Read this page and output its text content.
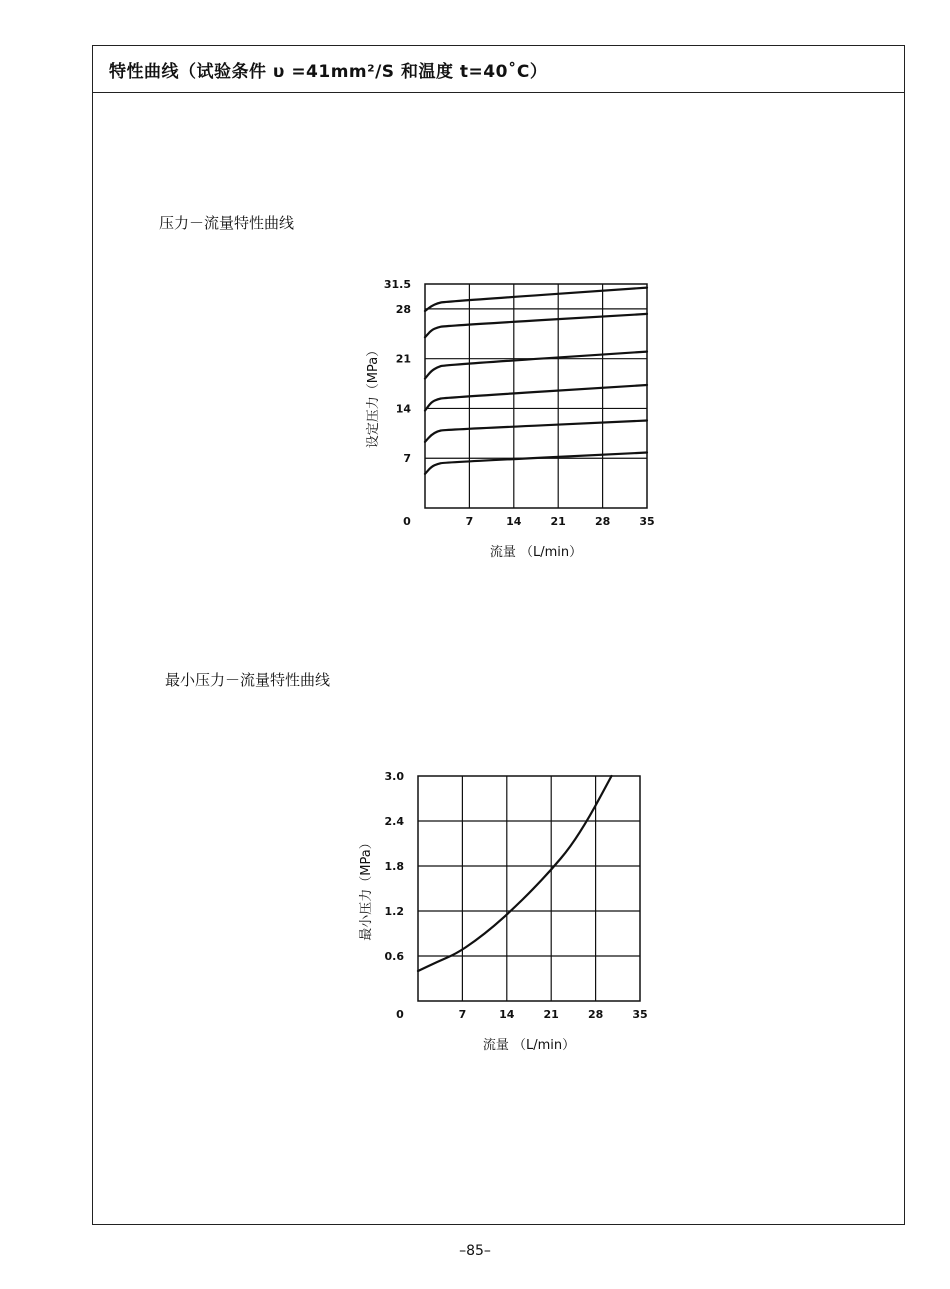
特性曲线（试验条件 υ =41mm²/S 和温度 t=40˚C）
压力－流量特性曲线
最小压力－流量特性曲线
0	7	14	21	28	35
7
14
21
28
31.5
流量 （L/min）
设定压力（MPa）
0	7	14	21	28	35
0.6
1.2
1.8
2.4
3.0
流量 （L/min）
最小压力（MPa）
–85–
